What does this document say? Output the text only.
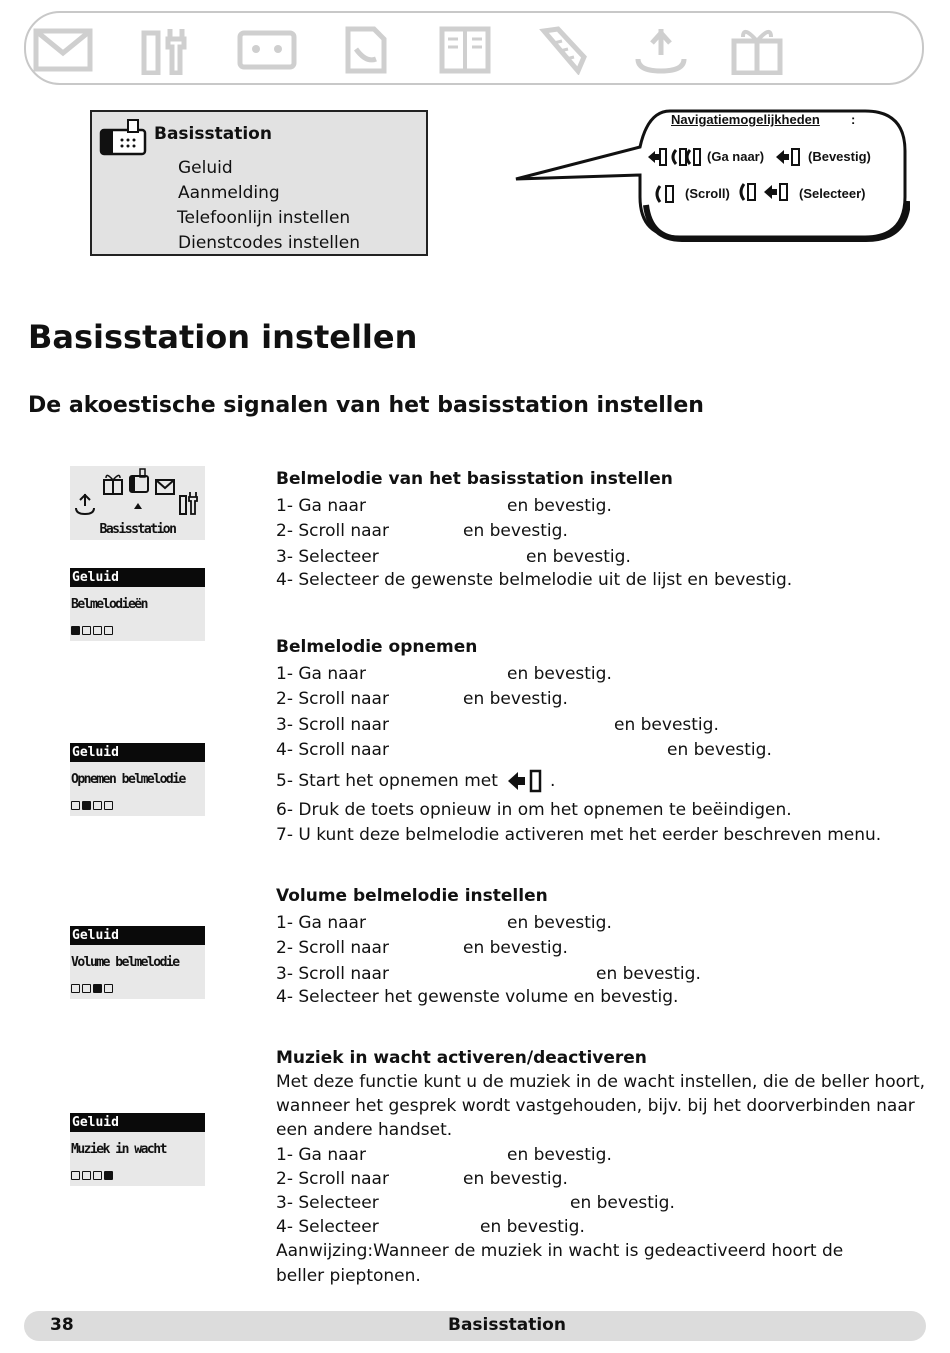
Basisstation
Geluid
Aanmelding
Telefoonlijn instellen
Dienstcodes instellen
Navigatiemogelijkheden :
(Ga naar)	(Bevestig)
(Scroll)	(Selecteer)
Basisstation instellen
De akoestische signalen van het basisstation instellen
Basisstation
Geluid
Belmelodieën
Geluid
Opnemen belmelodie
Geluid
Volume belmelodie
Geluid
Muziek in wacht
Belmelodie van het basisstation instellen
1- Ga naar	en bevestig.
2- Scroll naar	en bevestig.
3- Selecteer	en bevestig.
4- Selecteer de gewenste belmelodie uit de lijst en bevestig.
Belmelodie opnemen
1- Ga naar	en bevestig.
2- Scroll naar	en bevestig.
3- Scroll naar	en bevestig.
4- Scroll naar	en bevestig.
5- Start het opnemen met	.
6- Druk de toets opnieuw in om het opnemen te beëindigen.
7- U kunt deze belmelodie activeren met het eerder beschreven menu.
Volume belmelodie instellen
1- Ga naar	en bevestig.
2- Scroll naar	en bevestig.
3- Scroll naar	en bevestig.
4- Selecteer het gewenste volume en bevestig.
Muziek in wacht activeren/deactiveren
Met deze functie kunt u de muziek in de wacht instellen, die de beller hoort,
wanneer het gesprek wordt vastgehouden, bijv. bij het doorverbinden naar
een andere handset.
1- Ga naar	en bevestig.
2- Scroll naar	en bevestig.
3- Selecteer	en bevestig.
4- Selecteer	en bevestig.
Aanwijzing:Wanneer de muziek in wacht is gedeactiveerd hoort de
beller pieptonen.
38	Basisstation
